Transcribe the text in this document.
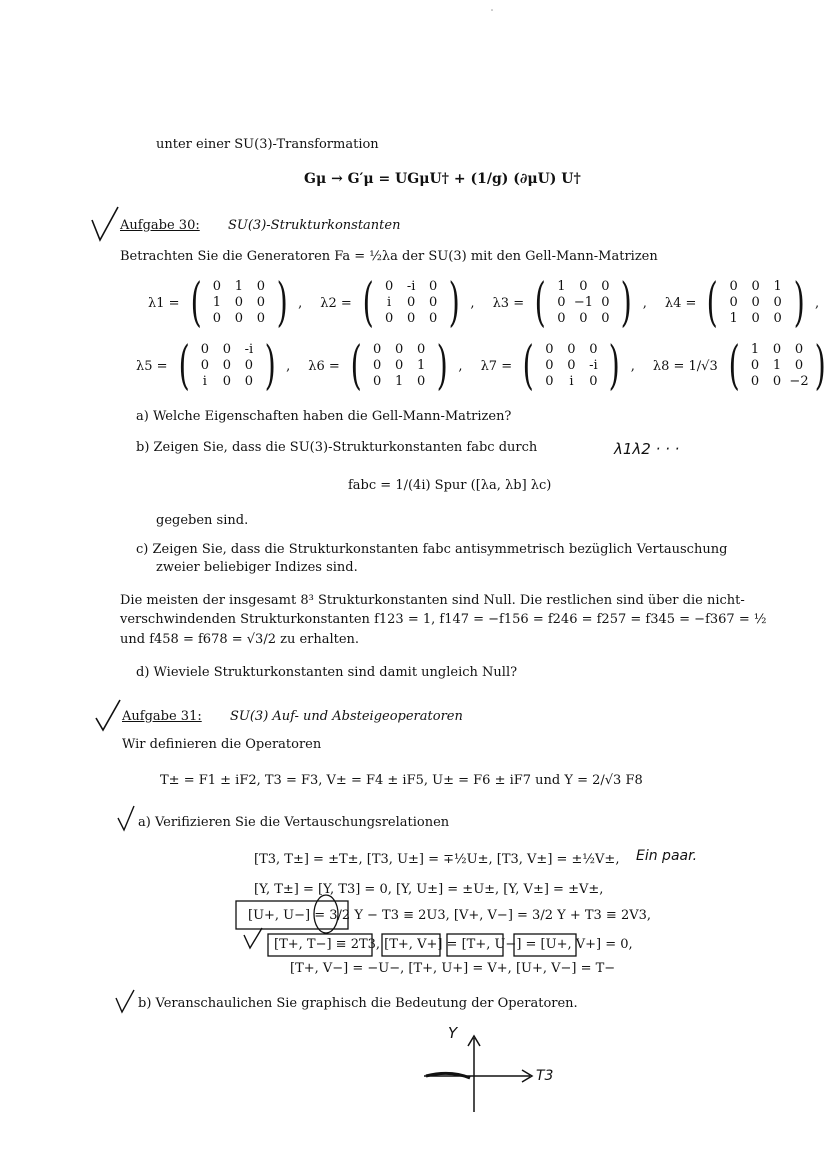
unter einer SU(3)-Transformation
Gμ → G′μ = UGμU† + (1/g) (∂μU) U†
Aufgabe 30: SU(3)-Strukturkonstanten
Betrachten Sie die Generatoren Fa = ½λa der SU(3) mit den Gell-Mann-Matrizen
λ1 = ( 0	1	0
1	0	0
0	0	0 ) , λ2 = ( 0	-i	0
i	0	0
0	0	0 ) , λ3 = ( 1	0	0
0 −1 0
0	0	0 ) , λ4 = ( 0	0	1
0	0	0
1	0	0 ) ,
λ5 = ( 0	0	-i
0	0	0
i	0	0 ) , λ6 = ( 0	0	0
0	0	1
0	1	0 ) , λ7 = ( 0	0	0
0	0	-i
0	i	0 ) , λ8 = 1/√3 ( 1	0	0
0	1	0
0	0 −2 )
a) Welche Eigenschaften haben die Gell-Mann-Matrizen?
b) Zeigen Sie, dass die SU(3)-Strukturkonstanten fabc durch	λ1λ2 · · ·
fabc = 1/(4i) Spur ([λa, λb] λc)
gegeben sind.
c) Zeigen Sie, dass die Strukturkonstanten fabc antisymmetrisch bezüglich Vertauschung
zweier beliebiger Indizes sind.
Die meisten der insgesamt 8³ Strukturkonstanten sind Null. Die restlichen sind über die nicht-
verschwindenden Strukturkonstanten f123 = 1, f147 = −f156 = f246 = f257 = f345 = −f367 = ½
und f458 = f678 = √3/2 zu erhalten.
d) Wieviele Strukturkonstanten sind damit ungleich Null?
Aufgabe 31: SU(3) Auf- und Absteigeoperatoren
Wir definieren die Operatoren
T± = F1 ± iF2, T3 = F3, V± = F4 ± iF5, U± = F6 ± iF7 und Y = 2/√3 F8
a) Verifizieren Sie die Vertauschungsrelationen
[T3, T±] = ±T±, [T3, U±] = ∓½U±, [T3, V±] = ±½V±, Ein paar.
[Y, T±] = [Y, T3] = 0, [Y, U±] = ±U±, [Y, V±] = ±V±,
[U+, U−] = 3/2 Y − T3 ≡ 2U3, [V+, V−] = 3/2 Y + T3 ≡ 2V3,
[T+, T−] ≡ 2T3, [T+, V+] = [T+, U−] = [U+, V+] = 0,
[T+, V−] = −U−, [T+, U+] = V+, [U+, V−] = T−
b) Veranschaulichen Sie graphisch die Bedeutung der Operatoren.
Y
T3
